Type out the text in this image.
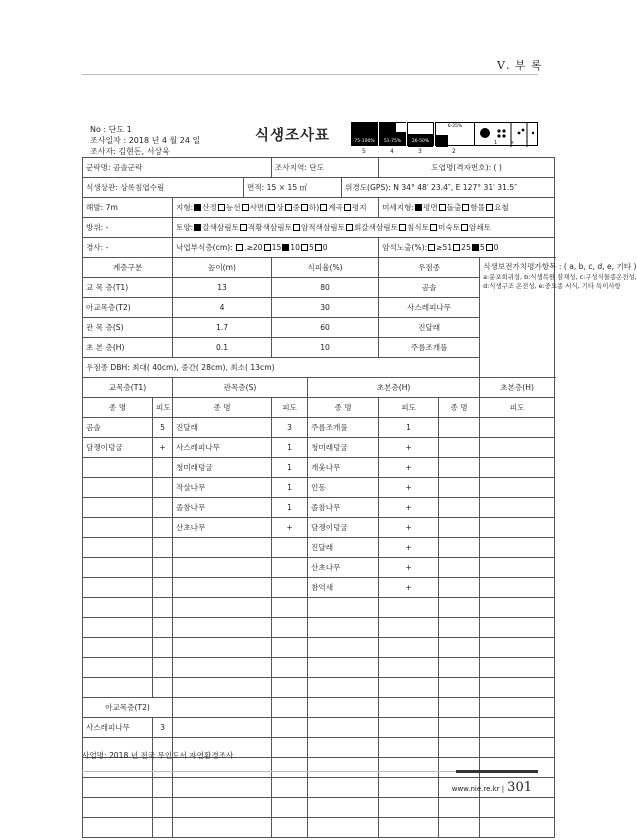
Ⅴ. 부 록
No : 단도 1
조사일자 : 2018 년 4 월 24 일
조사자: 김현돈, 서상욱
식생조사표	75-100%	51-75%	26-50%
6-25%
5	4	3	2
1	+ r
군락명: 곰솔군락				조사지역: 단도			도엽명(격자번호): ( )		
식생상관: 상록침엽수림			면적: 15 × 15 ㎡			위경도(GPS): N 34° 48′ 23.4″, E 127° 31′ 31.5″			
해발: 7m		지형: 산정 능선 사면( 상 중 하) 계곡 평지					미세지형: 평면 돌출 함몰 요철		
방위: -		토양: 갈색삼림토 적황색삼림토 암적색삼림토 회갈색삼림토 침식토 미숙토 암쇄토							
경사: -		낙엽부식층(cm): .≥20 15 10 5 0					암석노출(%): ≥51 25 5 0		
계층구분		높이(m)		식피율(%)			우점종		식생보전가치평가항목 : ( a, b, c, d, e, 기타 )
a:분포희귀성, b:식생복원 잠재성, c:구성식물종온전성,
d:식생구조 온전성, e:중요종 서식, 기타 특이사항

교 목 층(T1)		13		80			곰솔		
아교목층(T2)		4		30			사스레피나무		
관 목 층(S)		1.7		60			진달래		
초 본 층(H)		0.1		10			주름조개풀		
우점종 DBH: 최대( 40cm), 중간( 28cm), 최소( 13cm)									
교목층(T1)		관목층(S)			초본층(H)				초본층(H)
종 명	피도	종 명		피도	종 명		피도	종 명	피도
곰솔	5	진달래		3	주름조개풀		1		
담쟁이덩굴	+	사스레피나무		1	청미래덩굴		+		
		청미래덩굴		1	개옻나무		+		
		작살나무		1	인동		+		
		졸참나무		1	졸참나무		+		
		산초나무		+	담쟁이덩굴		+		
					진달래		+		
					산초나무		+		
					참억새		+		

아교목층(T2)									
사스레피나무	3								

사업명: 2018 년 전국 무인도서 자연환경조사
www.nie.re.kr | 301
